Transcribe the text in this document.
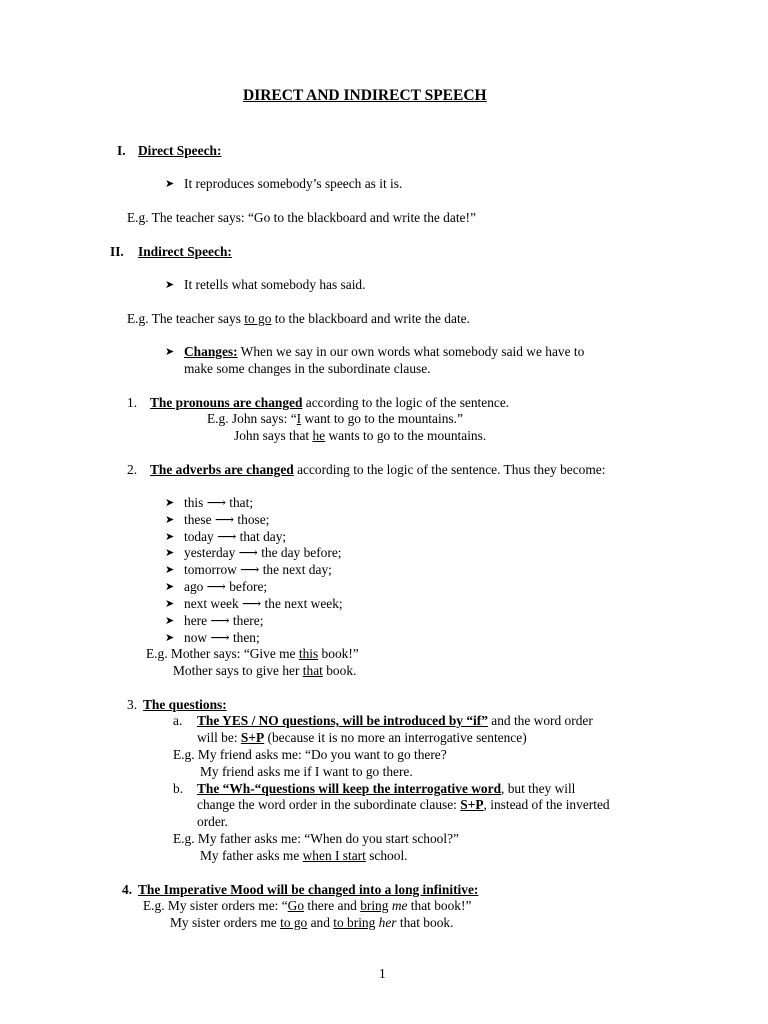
DIRECT AND INDIRECT SPEECH
I. Direct Speech:
➤ It reproduces somebody’s speech as it is.
E.g. The teacher says: “Go to the blackboard and write the date!”
II. Indirect Speech:
➤ It retells what somebody has said.
E.g. The teacher says to go to the blackboard and write the date.
➤ Changes: When we say in our own words what somebody said we have to
make some changes in the subordinate clause.
1. The pronouns are changed according to the logic of the sentence.
E.g. John says: “I want to go to the mountains.”
John says that he wants to go to the mountains.
2. The adverbs are changed according to the logic of the sentence. Thus they become:
➤ this ⟶ that;
➤ these ⟶ those;
➤ today ⟶ that day;
➤ yesterday ⟶ the day before;
➤ tomorrow ⟶ the next day;
➤ ago ⟶ before;
➤ next week ⟶ the next week;
➤ here ⟶ there;
➤ now ⟶ then;
E.g. Mother says: “Give me this book!”
Mother says to give her that book.
3. The questions:
a. The YES / NO questions, will be introduced by “if” and the word order
will be: S+P (because it is no more an interrogative sentence)
E.g. My friend asks me: “Do you want to go there?
My friend asks me if I want to go there.
b. The “Wh-“questions will keep the interrogative word, but they will
change the word order in the subordinate clause: S+P, instead of the inverted
order.
E.g. My father asks me: “When do you start school?”
My father asks me when I start school.
4. The Imperative Mood will be changed into a long infinitive:
E.g. My sister orders me: “Go there and bring me that book!”
My sister orders me to go and to bring her that book.
1
